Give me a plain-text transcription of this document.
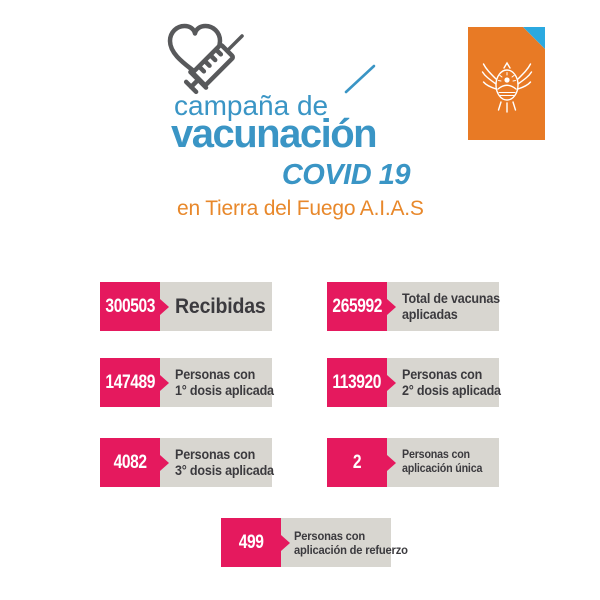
campaña de
vacunación
COVID 19
en Tierra del Fuego A.I.A.S
300503 Recibidas	265992 Total de vacunas
aplicadas
147489 Personas con
1° dosis aplicada	113920 Personas con
2° dosis aplicada
4082 Personas con
3° dosis aplicada	2	Personas con
aplicación única
499	Personas con
aplicación de refuerzo
